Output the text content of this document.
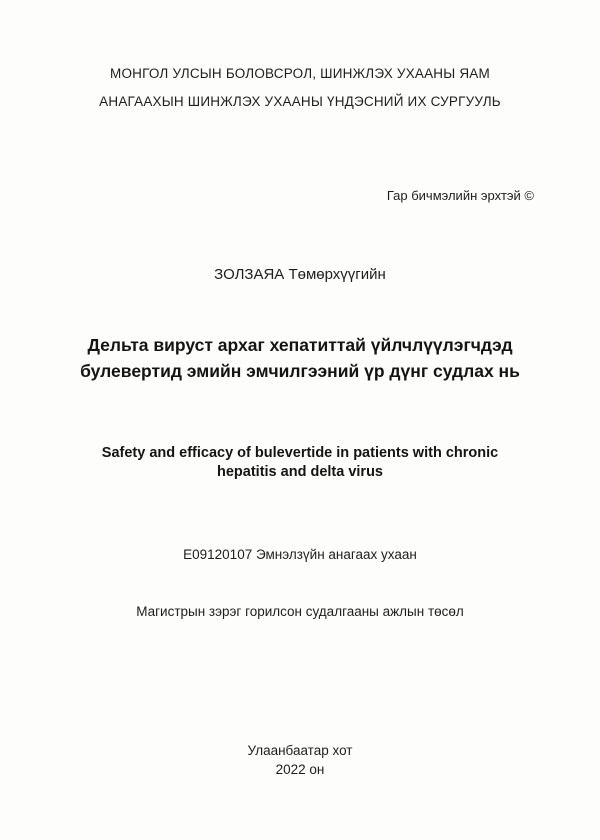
МОНГОЛ УЛСЫН БОЛОВСРОЛ, ШИНЖЛЭХ УХААНЫ ЯАМ
АНАГААХЫН ШИНЖЛЭХ УХААНЫ ҮНДЭСНИЙ ИХ СУРГУУЛЬ
Гар бичмэлийн эрхтэй ©
ЗОЛЗАЯА Төмөрхүүгийн
Дельта вируст архаг хепатиттай үйлчлүүлэгчдэд
булевертид эмийн эмчилгээний үр дүнг судлах нь
Safety and efficacy of bulevertide in patients with chronic
hepatitis and delta virus
Е09120107 Эмнэлзүйн анагаах ухаан
Магистрын зэрэг горилсон судалгааны ажлын төсөл
Улаанбаатар хот
2022 он
